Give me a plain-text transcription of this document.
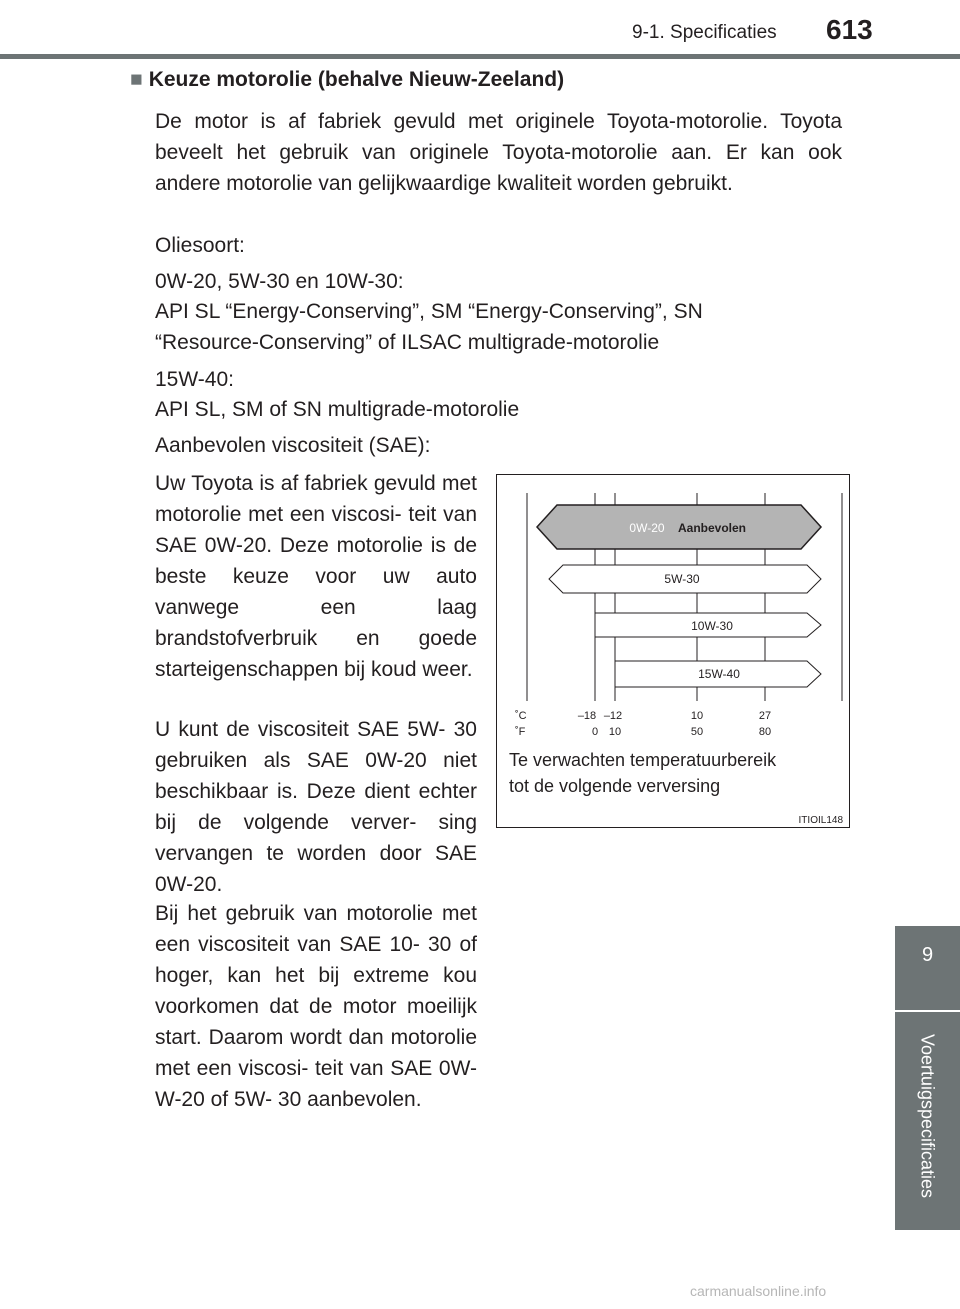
9-1. Specificaties 613
9
Voertuigspecificaties
■ Keuze motorolie (behalve Nieuw-Zeeland)

De motor is af fabriek gevuld met originele Toyota-motorolie. Toyota beveelt het gebruik van originele Toyota-motorolie aan. Er kan ook andere motorolie van gelijkwaardige kwaliteit worden gebruikt.

Oliesoort:

0W-20, 5W-30 en 10W-30:

API SL “Energy-Conserving”, SM “Energy-Conserving”, SN “Resource-Conserving” of ILSAC multigrade-motorolie

15W-40:

API SL, SM of SN multigrade-motorolie

Aanbevolen viscositeit (SAE):

Uw Toyota is af fabriek gevuld met motorolie met een viscosi- teit van SAE 0W-20. Deze motorolie is de beste keuze voor uw auto vanwege een laag brandstofverbruik en goede starteigenschappen bij koud weer.

U kunt de viscositeit SAE 5W- 30 gebruiken als SAE 0W-20 niet beschikbaar is. Deze dient echter bij de volgende verver- sing vervangen te worden door SAE 0W-20.

Bij het gebruik van motorolie met een viscositeit van SAE 10- 30 of hoger, kan het bij extreme kou voorkomen dat de motor moeilijk start. Daarom wordt dan motorolie met een viscosi- teit van SAE 0W-W-20 of 5W- 30 aanbevolen.

0W-20 Aanbevolen
5W-30
10W-30
15W-40
˚C	–18 –12	10	27
˚F	0 10	50	80
ITIOIL148

Te verwachten temperatuurbereik
tot de volgende verversing

carmanualsonline.info
